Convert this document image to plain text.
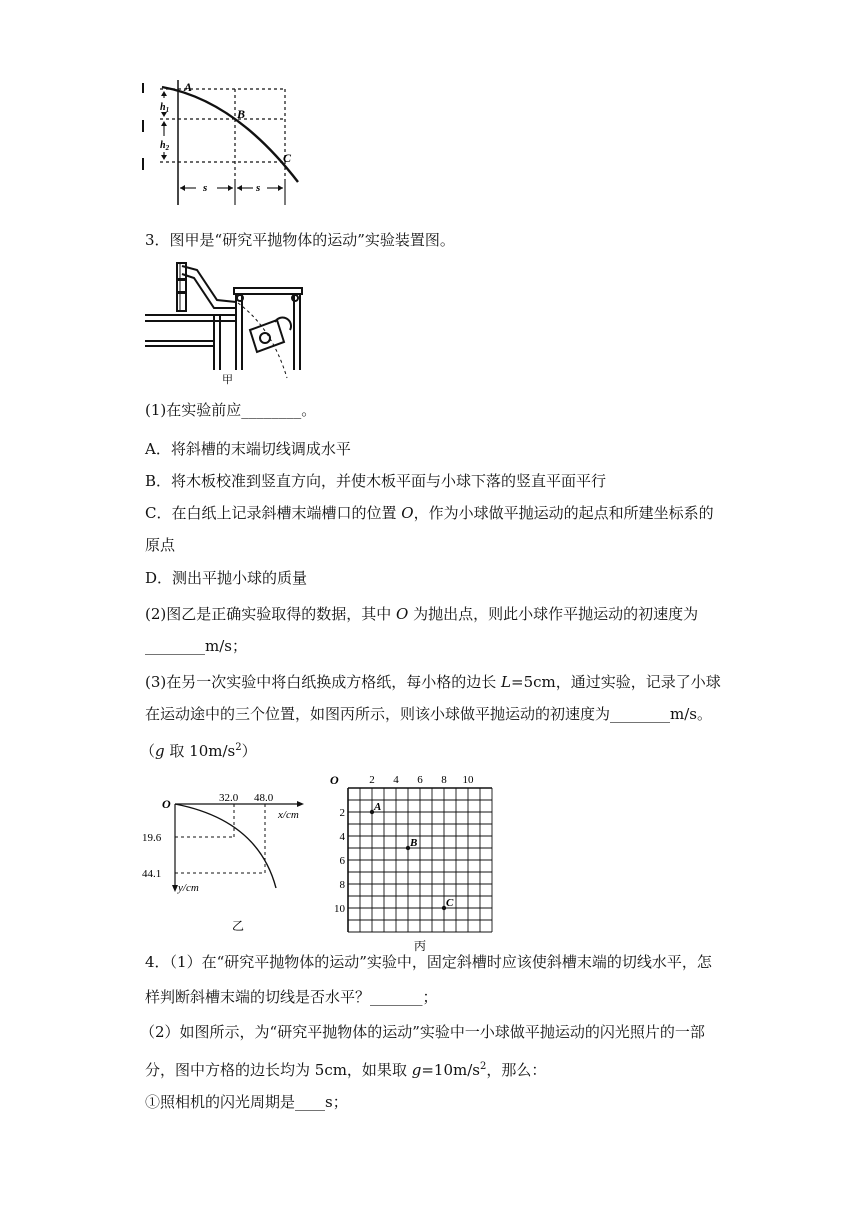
A
B
C
$h_1$
$h_2$
s	s
3．图甲是“研究平抛物体的运动”实验装置图。
甲
(1)在实验前应________。
A．将斜槽的末端切线调成水平
B．将木板校准到竖直方向，并使木板平面与小球下落的竖直平面平行
C．在白纸上记录斜槽末端槽口的位置 O，作为小球做平抛运动的起点和所建坐标系的
原点
D．测出平抛小球的质量
(2)图乙是正确实验取得的数据，其中 O 为抛出点，则此小球作平抛运动的初速度为
________m/s；
(3)在另一次实验中将白纸换成方格纸，每小格的边长 L=5cm，通过实验，记录了小球
在运动途中的三个位置，如图丙所示，则该小球做平抛运动的初速度为________m/s。
（g 取 $10m/s^2$）
O	32.0 48.0
x/cm
19.6
44.1
y/cm
乙
O	2 4 6 8 10
2
4
6
8
10
A
B
C
丙
4．（1）在“研究平抛物体的运动”实验中，固定斜槽时应该使斜槽末端的切线水平，怎
样判断斜槽末端的切线是否水平？_______；
（2）如图所示，为“研究平抛物体的运动”实验中一小球做平抛运动的闪光照片的一部
分，图中方格的边长均为 5cm，如果取 $g=10m/s^2$，那么：
①照相机的闪光周期是____s；
